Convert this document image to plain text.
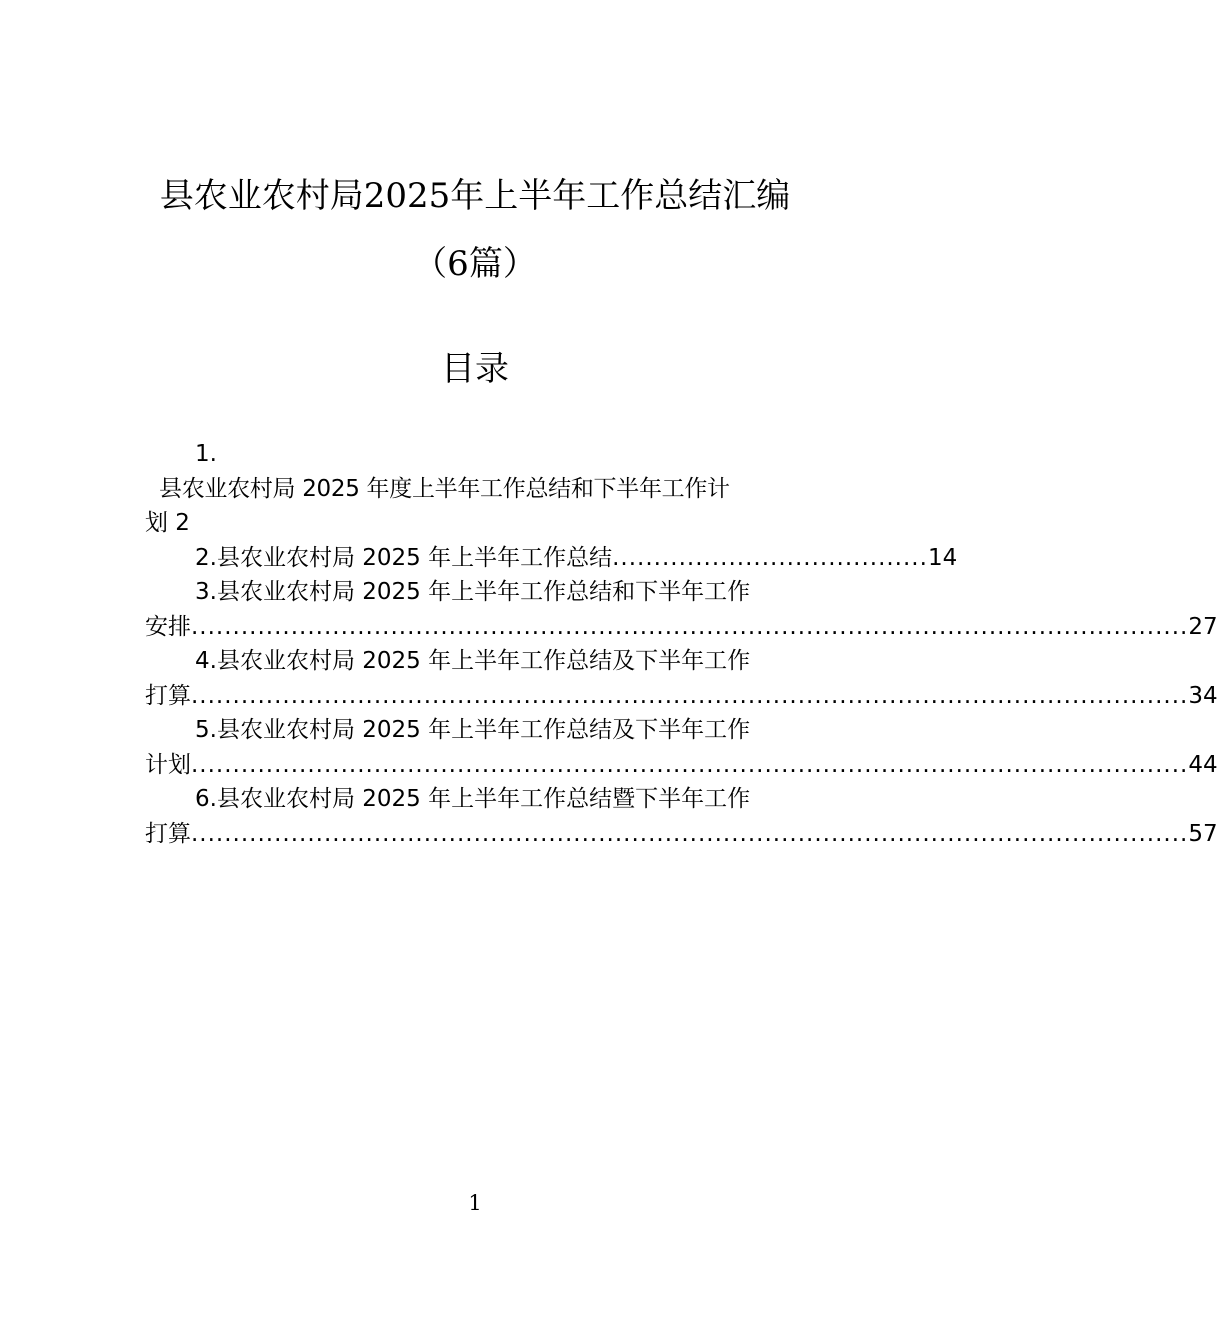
县农业农村局2025年上半年工作总结汇编
（6篇）
目录
1.
县农业农村局 2025 年度上半年工作总结和下半年工作计
划 2
2.县农业农村局 2025 年上半年工作总结 ...................................... 14
3.县农业农村局 2025 年上半年工作总结和下半年工作
安排 ........................................................................................................................ 27
4.县农业农村局 2025 年上半年工作总结及下半年工作
打算 ........................................................................................................................ 34
5.县农业农村局 2025 年上半年工作总结及下半年工作
计划 ........................................................................................................................ 44
6.县农业农村局 2025 年上半年工作总结暨下半年工作
打算 ........................................................................................................................ 57
1
